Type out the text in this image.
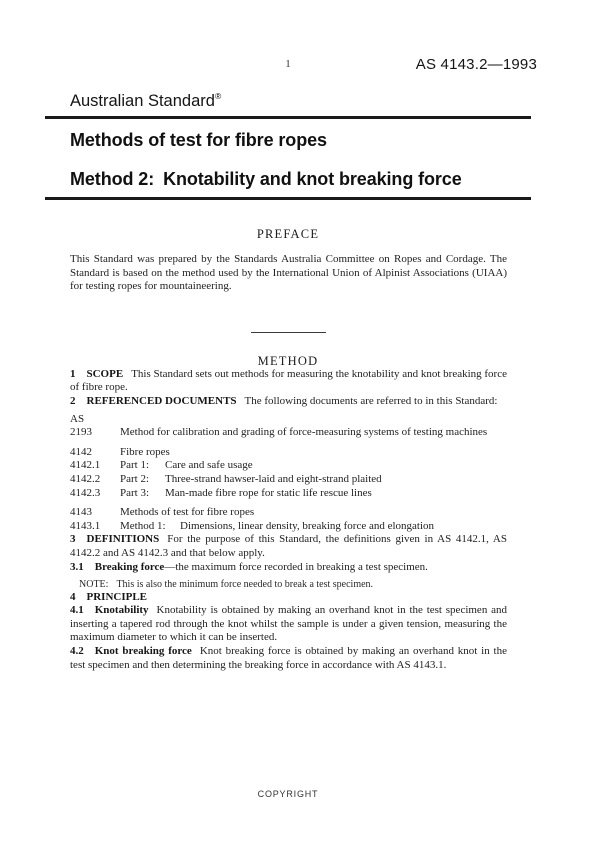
1	AS 4143.2—1993
Australian Standard®
Methods of test for fibre ropes
Method 2: Knotability and knot breaking force
PREFACE
This Standard was prepared by the Standards Australia Committee on Ropes and Cordage. The Standard is based on the method used by the International Union of Alpinist Associations (UIAA) for testing ropes for mountaineering.
METHOD

1 SCOPE This Standard sets out methods for measuring the knotability and knot breaking force of fibre rope.

2 REFERENCED DOCUMENTS The following documents are referred to in this Standard:

AS
2193	Method for calibration and grading of force-measuring systems of testing machines
4142	Fibre ropes
4142.1	Part 1: Care and safe usage
4142.2	Part 2: Three-strand hawser-laid and eight-strand plaited
4142.3	Part 3: Man-made fibre rope for static life rescue lines
4143	Methods of test for fibre ropes
4143.1	Method 1: Dimensions, linear density, breaking force and elongation

3 DEFINITIONS For the purpose of this Standard, the definitions given in AS 4142.1, AS 4142.2 and AS 4142.3 and that below apply.

3.1 Breaking force—the maximum force recorded in breaking a test specimen.

NOTE: This is also the minimum force needed to break a test specimen.

4 PRINCIPLE

4.1 Knotability Knotability is obtained by making an overhand knot in the test specimen and inserting a tapered rod through the knot whilst the sample is under a given tension, measuring the maximum diameter to which it can be inserted.

4.2 Knot breaking force Knot breaking force is obtained by making an overhand knot in the test specimen and then determining the breaking force in accordance with AS 4143.1.

COPYRIGHT
